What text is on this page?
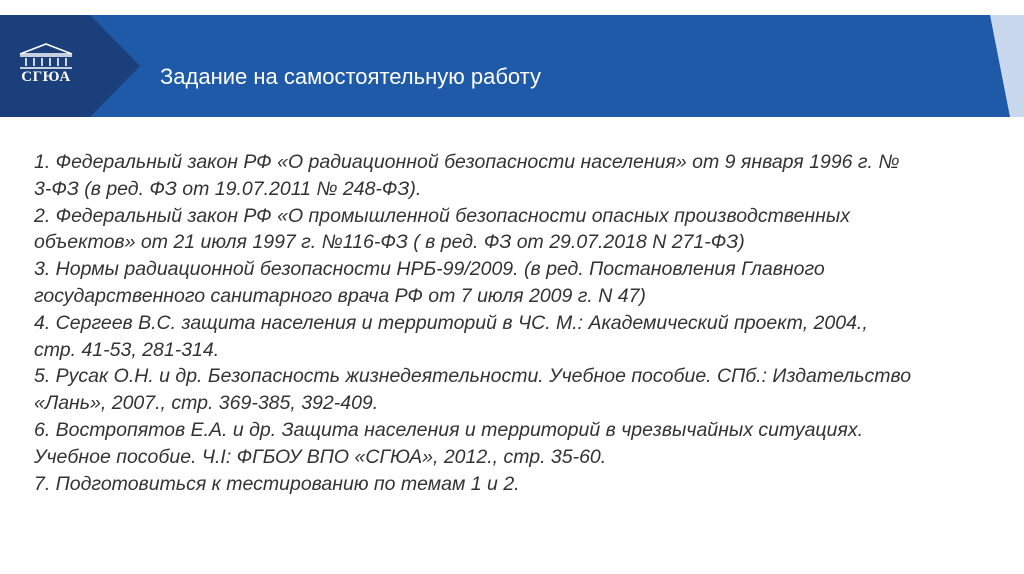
СГЮА	Задание на самостоятельную работу
1. Федеральный закон РФ «О радиационной безопасности населения» от 9 января 1996 г. № 3-ФЗ (в ред. ФЗ от 19.07.2011 № 248-ФЗ).
2. Федеральный закон РФ «О промышленной безопасности опасных производственных объектов» от 21 июля 1997 г. №116-ФЗ ( в ред. ФЗ от 29.07.2018 N 271-ФЗ)
3. Нормы радиационной безопасности НРБ-99/2009. (в ред. Постановления Главного государственного санитарного врача РФ от 7 июля 2009 г. N 47)
4. Сергеев В.С. защита населения и территорий в ЧС. М.: Академический проект, 2004., стр. 41-53, 281-314.
5. Русак О.Н. и др. Безопасность жизнедеятельности. Учебное пособие. СПб.: Издательство «Лань», 2007., стр. 369-385, 392-409.
6. Востропятов Е.А. и др. Защита населения и территорий в чрезвычайных ситуациях. Учебное пособие. Ч.I: ФГБОУ ВПО «СГЮА», 2012., стр. 35-60.
7. Подготовиться к тестированию по темам 1 и 2.
